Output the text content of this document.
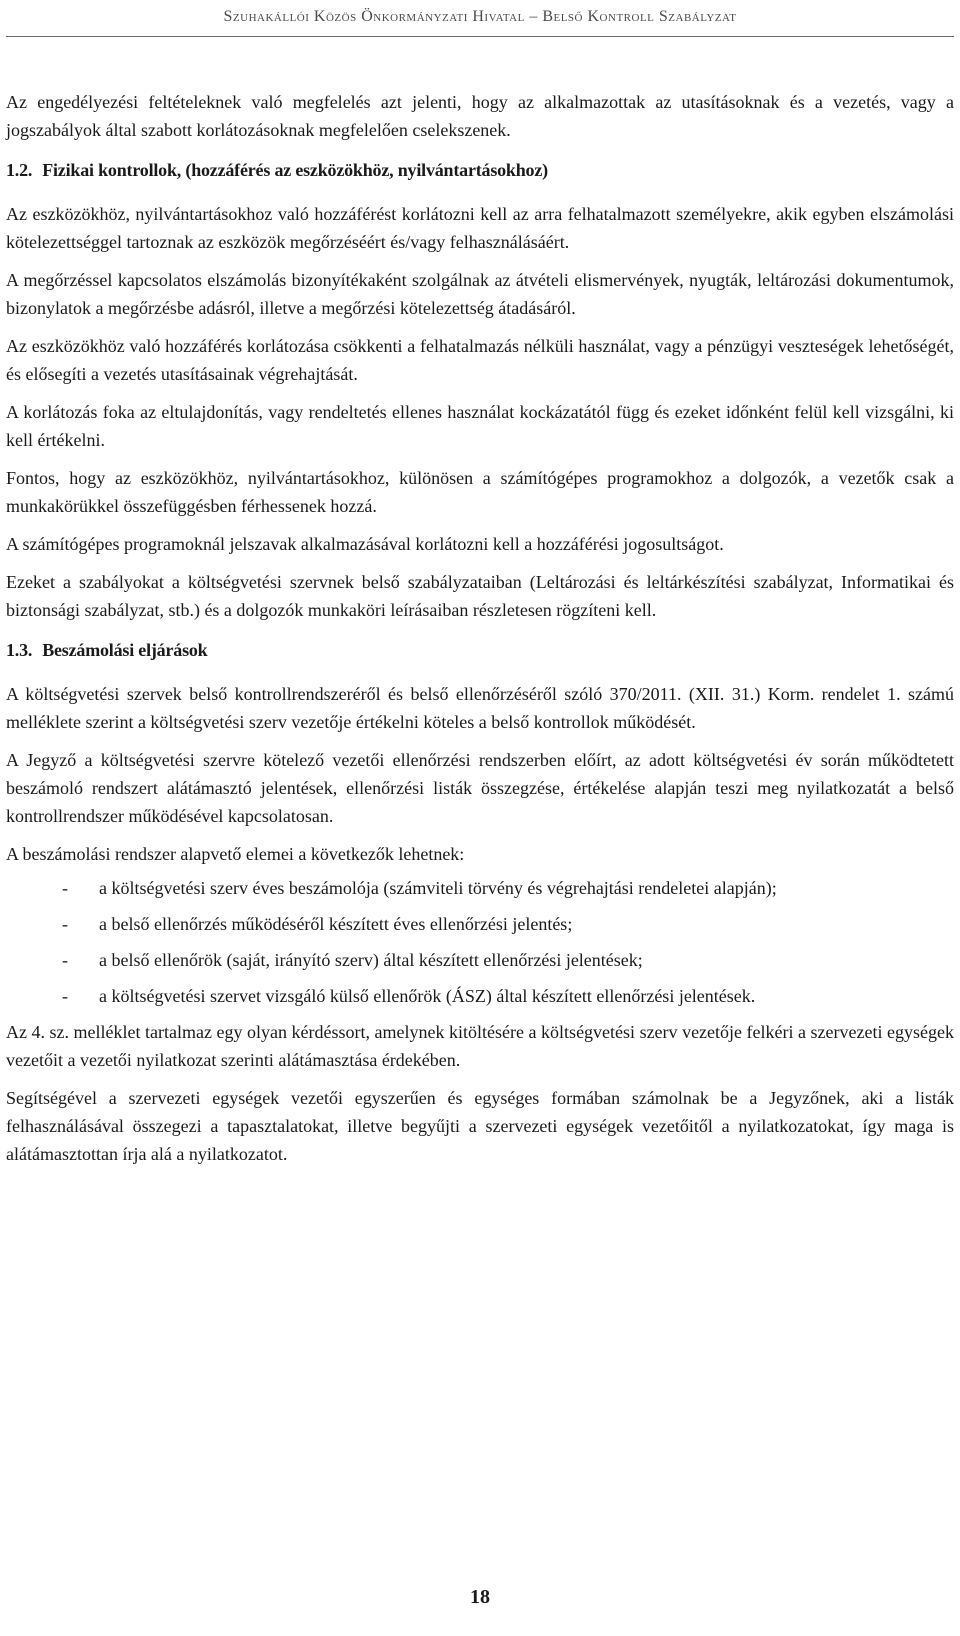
Szuhakállói Közös Önkormányzati Hivatal – Belső Kontroll Szabályzat

Az engedélyezési feltételeknek való megfelelés azt jelenti, hogy az alkalmazottak az utasításoknak és a vezetés, vagy a jogszabályok által szabott korlátozásoknak megfelelően cselekszenek.

1.2. Fizikai kontrollok, (hozzáférés az eszközökhöz, nyilvántartásokhoz)

Az eszközökhöz, nyilvántartásokhoz való hozzáférést korlátozni kell az arra felhatalmazott személyekre, akik egyben elszámolási kötelezettséggel tartoznak az eszközök megőrzéséért és/vagy felhasználásáért.

A megőrzéssel kapcsolatos elszámolás bizonyítékaként szolgálnak az átvételi elismervények, nyugták, leltározási dokumentumok, bizonylatok a megőrzésbe adásról, illetve a megőrzési kötelezettség átadásáról.

Az eszközökhöz való hozzáférés korlátozása csökkenti a felhatalmazás nélküli használat, vagy a pénzügyi veszteségek lehetőségét, és elősegíti a vezetés utasításainak végrehajtását.

A korlátozás foka az eltulajdonítás, vagy rendeltetés ellenes használat kockázatától függ és ezeket időnként felül kell vizsgálni, ki kell értékelni.

Fontos, hogy az eszközökhöz, nyilvántartásokhoz, különösen a számítógépes programokhoz a dolgozók, a vezetők csak a munkakörükkel összefüggésben férhessenek hozzá.

A számítógépes programoknál jelszavak alkalmazásával korlátozni kell a hozzáférési jogosultságot.

Ezeket a szabályokat a költségvetési szervnek belső szabályzataiban (Leltározási és leltárkészítési szabályzat, Informatikai és biztonsági szabályzat, stb.) és a dolgozók munkaköri leírásaiban részletesen rögzíteni kell.

1.3. Beszámolási eljárások

A költségvetési szervek belső kontrollrendszeréről és belső ellenőrzéséről szóló 370/2011. (XII. 31.) Korm. rendelet 1. számú melléklete szerint a költségvetési szerv vezetője értékelni köteles a belső kontrollok működését.

A Jegyző a költségvetési szervre kötelező vezetői ellenőrzési rendszerben előírt, az adott költségvetési év során működtetett beszámoló rendszert alátámasztó jelentések, ellenőrzési listák összegzése, értékelése alapján teszi meg nyilatkozatát a belső kontrollrendszer működésével kapcsolatosan.

A beszámolási rendszer alapvető elemei a következők lehetnek:

- a költségvetési szerv éves beszámolója (számviteli törvény és végrehajtási rendeletei alapján);
- a belső ellenőrzés működéséről készített éves ellenőrzési jelentés;
- a belső ellenőrök (saját, irányító szerv) által készített ellenőrzési jelentések;
- a költségvetési szervet vizsgáló külső ellenőrök (ÁSZ) által készített ellenőrzési jelentések.

Az 4. sz. melléklet tartalmaz egy olyan kérdéssort, amelynek kitöltésére a költségvetési szerv vezetője felkéri a szervezeti egységek vezetőit a vezetői nyilatkozat szerinti alátámasztása érdekében.

Segítségével a szervezeti egységek vezetői egyszerűen és egységes formában számolnak be a Jegyzőnek, aki a listák felhasználásával összegezi a tapasztalatokat, illetve begyűjti a szervezeti egységek vezetőitől a nyilatkozatokat, így maga is alátámasztottan írja alá a nyilatkozatot.

18
